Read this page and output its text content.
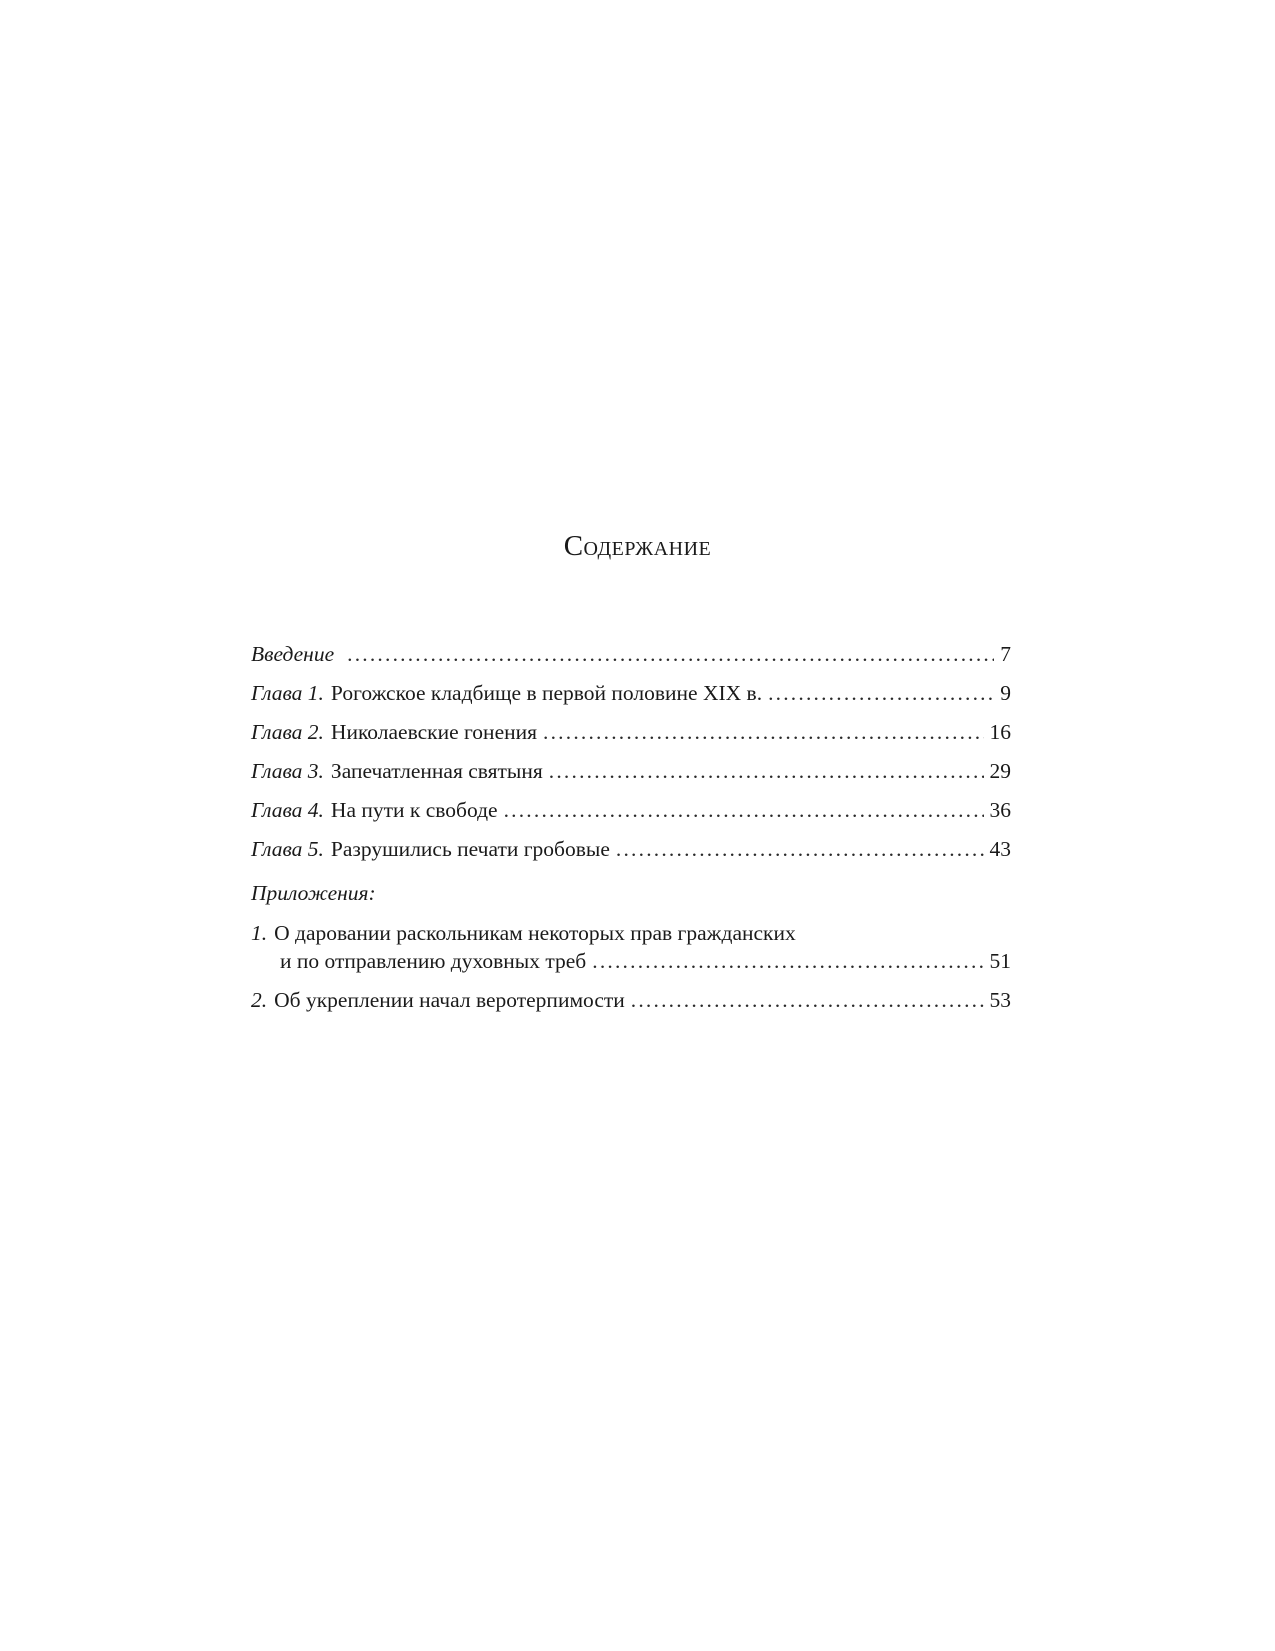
Содержание
Введение .....	7
Глава 1. Рогожское кладбище в первой половине XIX в. .....	9
Глава 2. Николаевские гонения .....	16
Глава 3. Запечатленная святыня .....	29
Глава 4. На пути к свободе .....	36
Глава 5. Разрушились печати гробовые .....	43
Приложения:
1. О даровании раскольникам некоторых прав гражданских
и по отправлению духовных треб .....	51
2. Об укреплении начал веротерпимости .....	53
